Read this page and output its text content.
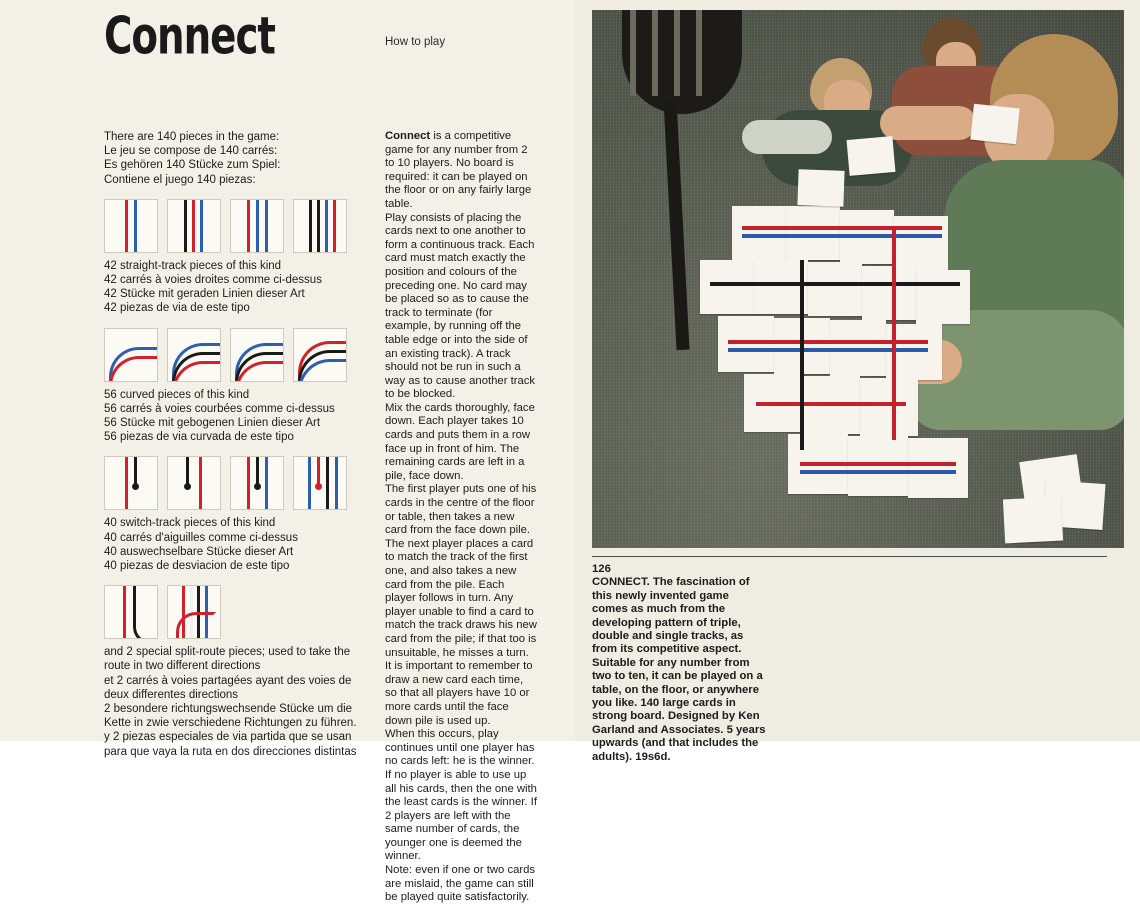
Connect	How to play
There are 140 pieces in the game:
Le jeu se compose de 140 carrés:
Es gehören 140 Stücke zum Spiel:
Contiene el juego 140 piezas:
42 straight-track pieces of this kind
42 carrés à voies droites comme ci-dessus
42 Stücke mit geraden Linien dieser Art
42 piezas de via de este tipo
56 curved pieces of this kind
56 carrés à voies courbées comme ci-dessus
56 Stücke mit gebogenen Linien dieser Art
56 piezas de via curvada de este tipo
40 switch-track pieces of this kind
40 carrés d'aiguilles comme ci-dessus
40 auswechselbare Stücke dieser Art
40 piezas de desviacion de este tipo
and 2 special split-route pieces; used to take the
route in two different directions
et 2 carrés à voies partagées ayant des voies de
deux differentes directions
2 besondere richtungswechsende Stücke um die
Kette in zwie verschiedene Richtungen zu führen.
y 2 piezas especiales de via partida que se usan
para que vaya la ruta en dos direcciones distintas

Connect is a competitive game for any number from 2 to 10 players. No board is required: it can be played on the floor or on any fairly large table.

Play consists of placing the cards next to one another to form a continuous track. Each card must match exactly the position and colours of the preceding one. No card may be placed so as to cause the track to terminate (for example, by running off the table edge or into the side of an existing track). A track should not be run in such a way as to cause another track to be blocked.

Mix the cards thoroughly, face down. Each player takes 10 cards and puts them in a row face up in front of him. The remaining cards are left in a pile, face down.

The first player puts one of his cards in the centre of the floor or table, then takes a new card from the face down pile. The next player places a card to match the track of the first one, and also takes a new card from the pile. Each player follows in turn. Any player unable to find a card to match the track draws his new card from the pile; if that too is unsuitable, he misses a turn.

It is important to remember to draw a new card each time, so that all players have 10 or more cards until the face down pile is used up.

When this occurs, play continues until one player has no cards left: he is the winner. If no player is able to use up all his cards, then the one with the least cards is the winner. If 2 players are left with the same number of cards, the younger one is deemed the winner.

Note: even if one or two cards are mislaid, the game can still be played quite satisfactorily.

126
CONNECT. The fascination of this newly invented game comes as much from the developing pattern of triple, double and single tracks, as from its competitive aspect. Suitable for any number from two to ten, it can be played on a table, on the floor, or anywhere you like. 140 large cards in strong board. Designed by Ken Garland and Associates. 5 years upwards (and that includes the adults). 19s6d.
